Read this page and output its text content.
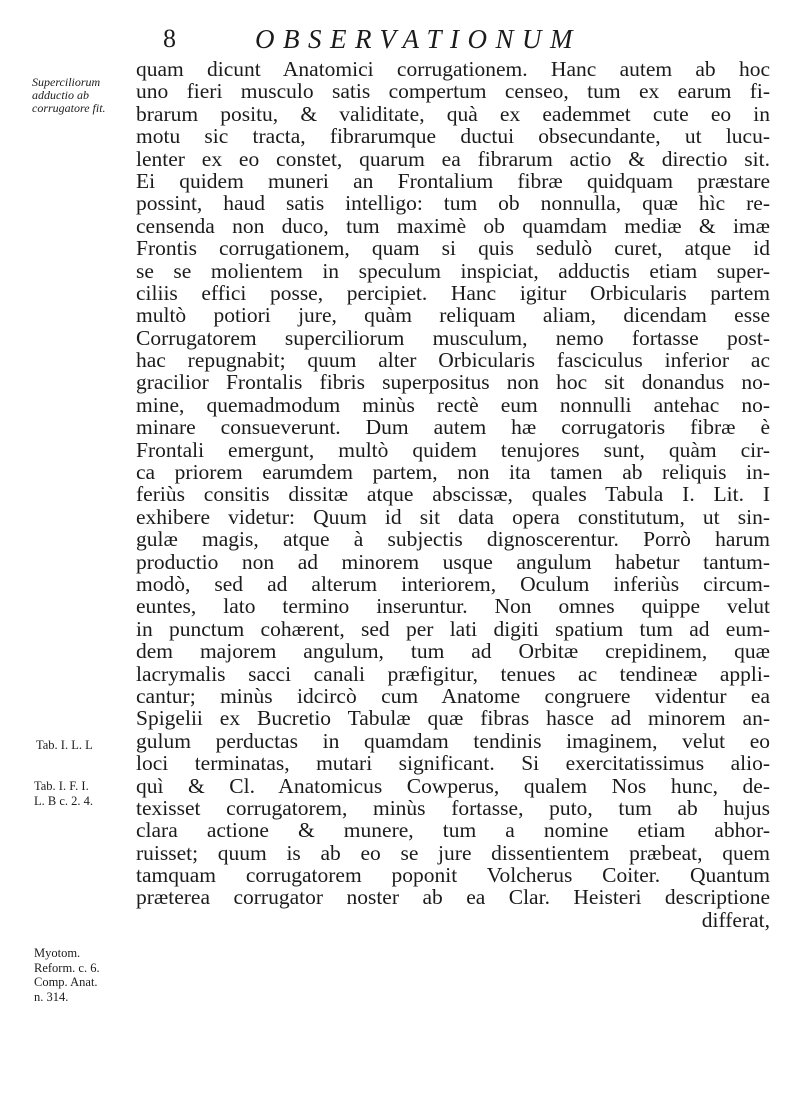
8	OBSERVATIONUM
Superciliorum
adductio ab
corrugatore fit.
Tab. I. L. L
Tab. I. F. I.
L. B c. 2. 4.
Myotom.
Reform. c. 6.
Comp. Anat.
n. 314.
quam dicunt Anatomici corrugationem. Hanc autem ab hoc
uno fieri musculo satis compertum censeo, tum ex earum fi-
brarum positu, & validitate, quà ex eademmet cute eo in
motu sic tracta, fibrarumque ductui obsecundante, ut lucu-
lenter ex eo constet, quarum ea fibrarum actio & directio sit.
Ei quidem muneri an Frontalium fibræ quidquam præstare
possint, haud satis intelligo: tum ob nonnulla, quæ hìc re-
censenda non duco, tum maximè ob quamdam mediæ & imæ
Frontis corrugationem, quam si quis sedulò curet, atque id
se se molientem in speculum inspiciat, adductis etiam super-
ciliis effici posse, percipiet. Hanc igitur Orbicularis partem
multò potiori jure, quàm reliquam aliam, dicendam esse
Corrugatorem superciliorum musculum, nemo fortasse post-
hac repugnabit; quum alter Orbicularis fasciculus inferior ac
gracilior Frontalis fibris superpositus non hoc sit donandus no-
mine, quemadmodum minùs rectè eum nonnulli antehac no-
minare consueverunt. Dum autem hæ corrugatoris fibræ è
Frontali emergunt, multò quidem tenujores sunt, quàm cir-
ca priorem earumdem partem, non ita tamen ab reliquis in-
feriùs consitis dissitæ atque abscissæ, quales Tabula I. Lit. I
exhibere videtur: Quum id sit data opera constitutum, ut sin-
gulæ magis, atque à subjectis dignoscerentur. Porrò harum
productio non ad minorem usque angulum habetur tantum-
modò, sed ad alterum interiorem, Oculum inferiùs circum-
euntes, lato termino inseruntur. Non omnes quippe velut
in punctum cohærent, sed per lati digiti spatium tum ad eum-
dem majorem angulum, tum ad Orbitæ crepidinem, quæ
lacrymalis sacci canali præfigitur, tenues ac tendineæ appli-
cantur; minùs idcircò cum Anatome congruere videntur ea
Spigelii ex Bucretio Tabulæ quæ fibras hasce ad minorem an-
gulum perductas in quamdam tendinis imaginem, velut eo
loci terminatas, mutari significant. Si exercitatissimus alio-
quì & Cl. Anatomicus Cowperus, qualem Nos hunc, de-
texisset corrugatorem, minùs fortasse, puto, tum ab hujus
clara actione & munere, tum a nomine etiam abhor-
ruisset; quum is ab eo se jure dissentientem præbeat, quem
tamquam corrugatorem poponit Volcherus Coiter. Quantum
præterea corrugator noster ab ea Clar. Heisteri descriptione
differat,
